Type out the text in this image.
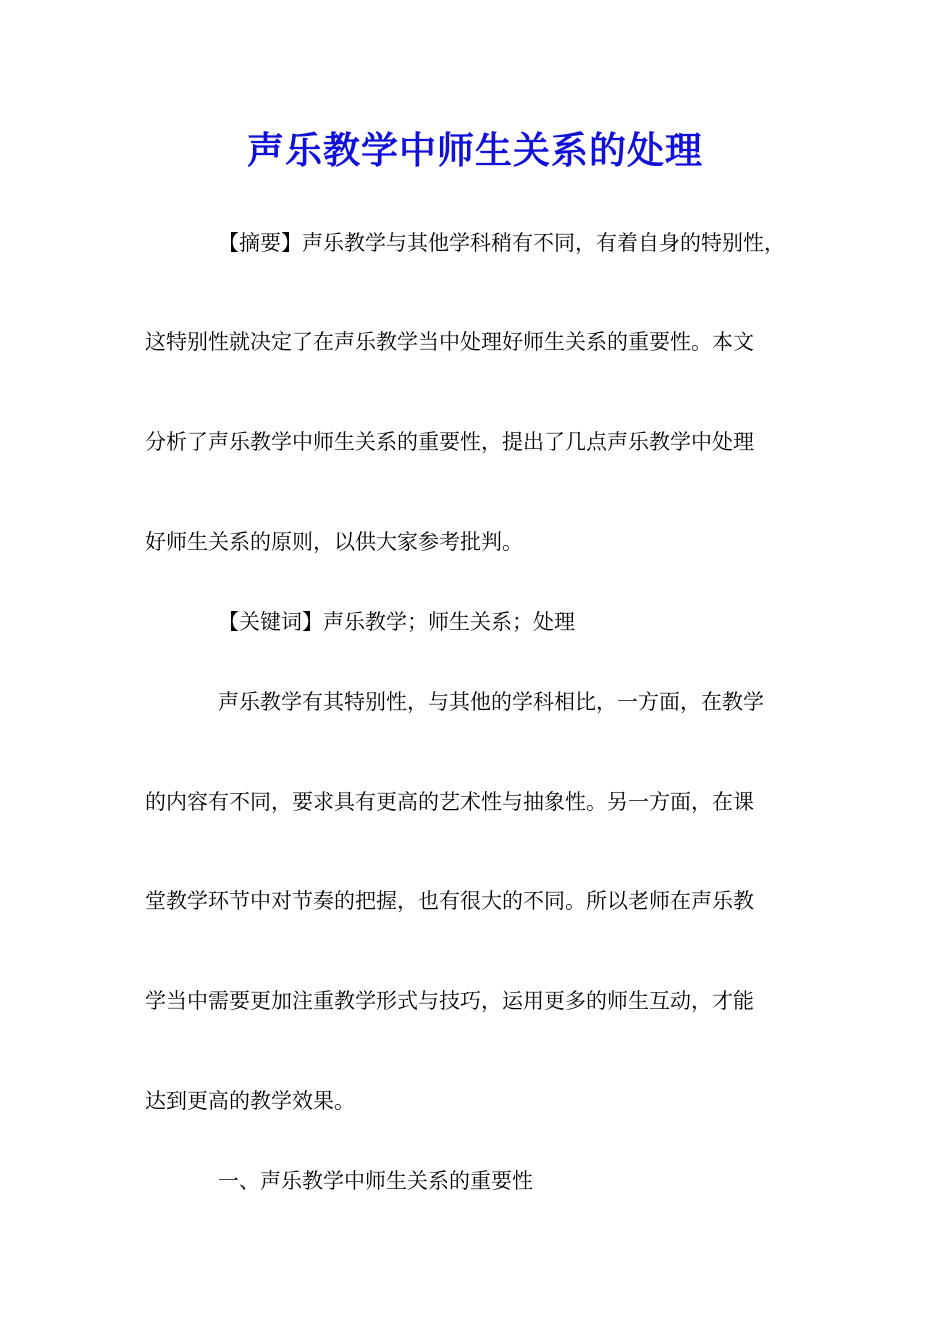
声乐教学中师生关系的处理
【摘要】声乐教学与其他学科稍有不同，有着自身的特别性，
这特别性就决定了在声乐教学当中处理好师生关系的重要性。本文
分析了声乐教学中师生关系的重要性，提出了几点声乐教学中处理
好师生关系的原则，以供大家参考批判。
【关键词】声乐教学；师生关系；处理
声乐教学有其特别性，与其他的学科相比，一方面，在教学
的内容有不同，要求具有更高的艺术性与抽象性。另一方面，在课
堂教学环节中对节奏的把握，也有很大的不同。所以老师在声乐教
学当中需要更加注重教学形式与技巧，运用更多的师生互动，才能
达到更高的教学效果。
一、声乐教学中师生关系的重要性
